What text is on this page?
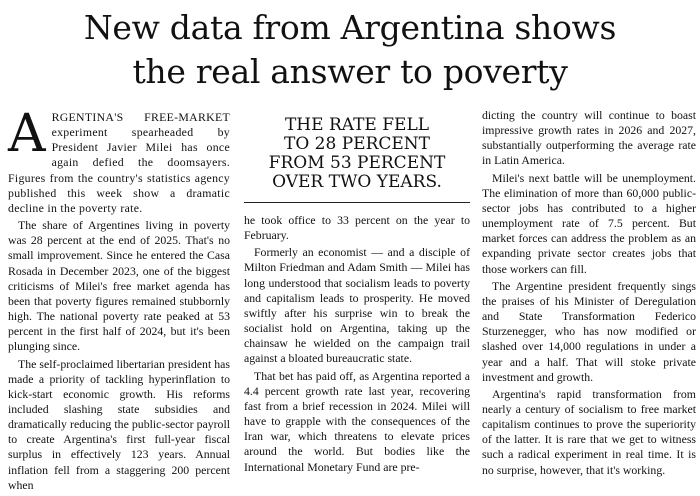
New data from Argentina shows
the real answer to poverty

ARGENTINA'S FREE-MARKET experiment spearheaded by President Javier Milei has once again defied the doomsayers. Figures from the country's statistics agency published this week show a dramatic decline in the poverty rate.

The share of Argentines living in poverty was 28 percent at the end of 2025. That's no small improvement. Since he entered the Casa Rosada in December 2023, one of the biggest criticisms of Milei's free market agenda has been that poverty figures remained stubbornly high. The national poverty rate peaked at 53 percent in the first half of 2024, but it's been plunging since.

The self-proclaimed libertarian president has made a priority of tackling hyperinflation to kick-start economic growth. His reforms included slashing state subsidies and dramatically reducing the public-sector payroll to create Argentina's first full-year fiscal surplus in effectively 123 years. Annual inflation fell from a staggering 200 percent when

THE RATE FELL
TO 28 PERCENT
FROM 53 PERCENT
OVER TWO YEARS.

he took office to 33 percent on the year to February.

Formerly an economist — and a disciple of Milton Friedman and Adam Smith — Milei has long understood that socialism leads to poverty and capitalism leads to prosperity. He moved swiftly after his surprise win to break the socialist hold on Argentina, taking up the chainsaw he wielded on the campaign trail against a bloated bureaucratic state.

That bet has paid off, as Argentina reported a 4.4 percent growth rate last year, recovering fast from a brief recession in 2024. Milei will have to grapple with the consequences of the Iran war, which threatens to elevate prices around the world. But bodies like the International Monetary Fund are pre-

dicting the country will continue to boast impressive growth rates in 2026 and 2027, substantially outperforming the average rate in Latin America.

Milei's next battle will be unemployment. The elimination of more than 60,000 public-sector jobs has contributed to a higher unemployment rate of 7.5 percent. But market forces can address the problem as an expanding private sector creates jobs that those workers can fill.

The Argentine president frequently sings the praises of his Minister of Deregulation and State Transformation Federico Sturzenegger, who has now modified or slashed over 14,000 regulations in under a year and a half. That will stoke private investment and growth.

Argentina's rapid transformation from nearly a century of socialism to free market capitalism continues to prove the superiority of the latter. It is rare that we get to witness such a radical experiment in real time. It is no surprise, however, that it's working.
